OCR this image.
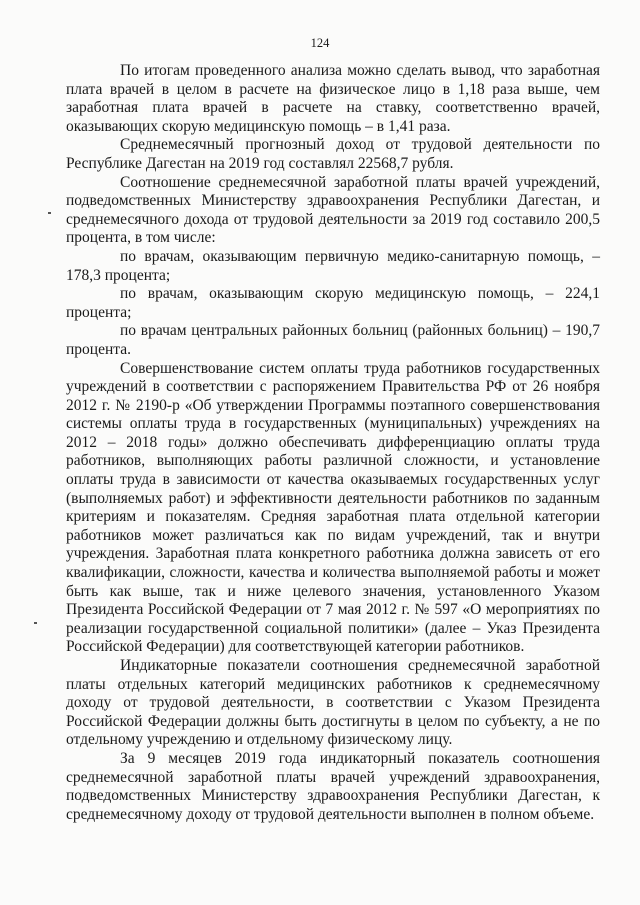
124

По итогам проведенного анализа можно сделать вывод, что заработная плата врачей в целом в расчете на физическое лицо в 1,18 раза выше, чем заработная плата врачей в расчете на ставку, соответственно врачей, оказывающих скорую медицинскую помощь – в 1,41 раза.

Среднемесячный прогнозный доход от трудовой деятельности по Республике Дагестан на 2019 год составлял 22568,7 рубля.

Соотношение среднемесячной заработной платы врачей учреждений, подведомственных Министерству здравоохранения Республики Дагестан, и среднемесячного дохода от трудовой деятельности за 2019 год составило 200,5 процента, в том числе:

по врачам, оказывающим первичную медико-санитарную помощь, – 178,3 процента;

по врачам, оказывающим скорую медицинскую помощь, – 224,1 процента;

по врачам центральных районных больниц (районных больниц) – 190,7 процента.

Совершенствование систем оплаты труда работников государственных учреждений в соответствии с распоряжением Правительства РФ от 26 ноября 2012 г. № 2190-р «Об утверждении Программы поэтапного совершенствования системы оплаты труда в государственных (муниципальных) учреждениях на 2012 – 2018 годы» должно обеспечивать дифференциацию оплаты труда работников, выполняющих работы различной сложности, и установление оплаты труда в зависимости от качества оказываемых государственных услуг (выполняемых работ) и эффективности деятельности работников по заданным критериям и показателям. Средняя заработная плата отдельной категории работников может различаться как по видам учреждений, так и внутри учреждения. Заработная плата конкретного работника должна зависеть от его квалификации, сложности, качества и количества выполняемой работы и может быть как выше, так и ниже целевого значения, установленного Указом Президента Российской Федерации от 7 мая 2012 г. № 597 «О мероприятиях по реализации государственной социальной политики» (далее – Указ Президента Российской Федерации) для соответствующей категории работников.

Индикаторные показатели соотношения среднемесячной заработной платы отдельных категорий медицинских работников к среднемесячному доходу от трудовой деятельности, в соответствии с Указом Президента Российской Федерации должны быть достигнуты в целом по субъекту, а не по отдельному учреждению и отдельному физическому лицу.

За 9 месяцев 2019 года индикаторный показатель соотношения среднемесячной заработной платы врачей учреждений здравоохранения, подведомственных Министерству здравоохранения Республики Дагестан, к среднемесячному доходу от трудовой деятельности выполнен в полном объеме.
